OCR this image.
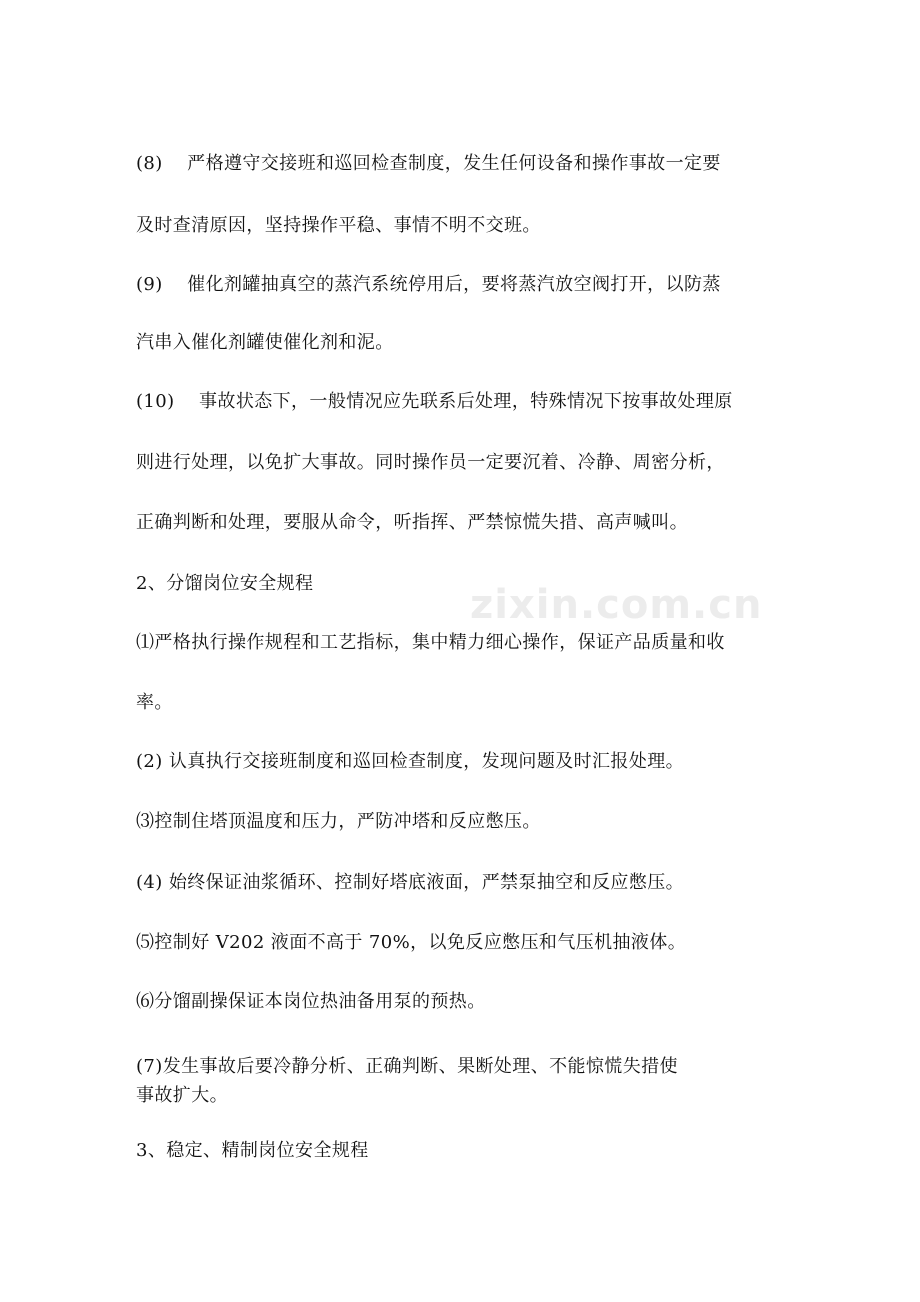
(8)    严格遵守交接班和巡回检查制度，发生任何设备和操作事故一定要
及时查清原因，坚持操作平稳、事情不明不交班。
(9)    催化剂罐抽真空的蒸汽系统停用后，要将蒸汽放空阀打开，以防蒸
汽串入催化剂罐使催化剂和泥。
(10)    事故状态下，一般情况应先联系后处理，特殊情况下按事故处理原
则进行处理，以免扩大事故。同时操作员一定要沉着、冷静、周密分析，
正确判断和处理，要服从命令，听指挥、严禁惊慌失措、高声喊叫。
2、分馏岗位安全规程
⑴严格执行操作规程和工艺指标，集中精力细心操作，保证产品质量和收
率。
(2) 认真执行交接班制度和巡回检查制度，发现问题及时汇报处理。
⑶控制住塔顶温度和压力，严防冲塔和反应憋压。
(4) 始终保证油浆循环、控制好塔底液面，严禁泵抽空和反应憋压。
⑸控制好 V202 液面不高于 70%，以免反应憋压和气压机抽液体。
⑹分馏副操保证本岗位热油备用泵的预热。
(7)发生事故后要冷静分析、正确判断、果断处理、不能惊慌失措使
事故扩大。
3、稳定、精制岗位安全规程
zixin.com.cn
